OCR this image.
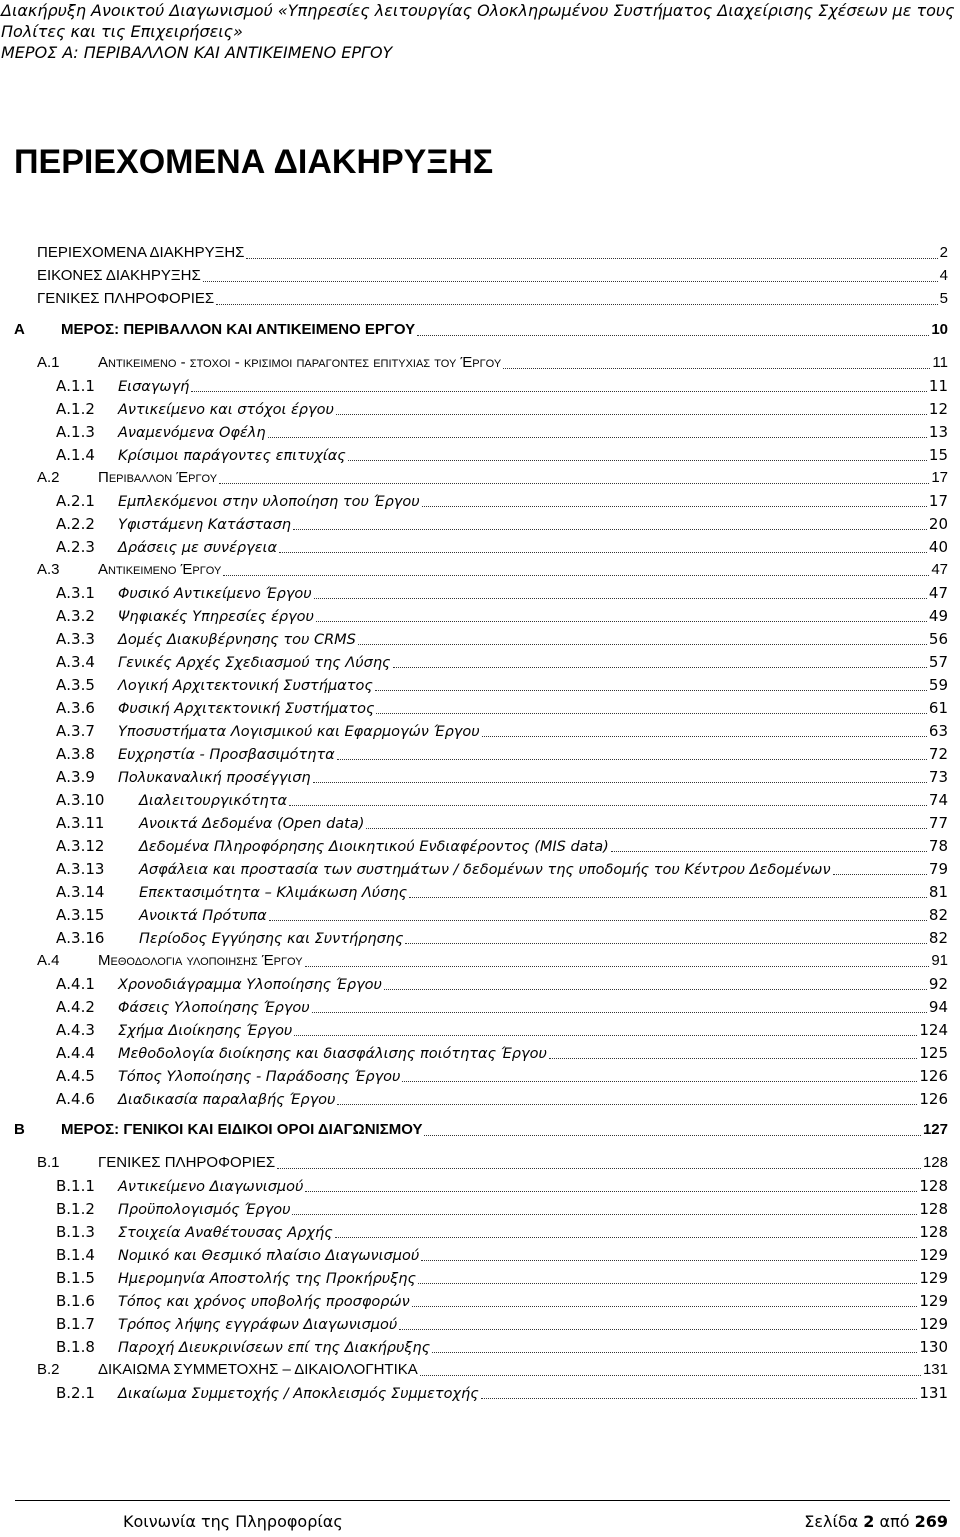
Διακήρυξη Ανοικτού Διαγωνισμού «Υπηρεσίες λειτουργίας Ολοκληρωμένου Συστήματος Διαχείρισης Σχέσεων με τους
Πολίτες και τις Επιχειρήσεις»
ΜΕΡΟΣ Α: ΠΕΡΙΒΑΛΛΟΝ ΚΑΙ ΑΝΤΙΚΕΙΜΕΝΟ ΕΡΓΟΥ
ΠΕΡΙΕΧΟΜΕΝΑ ΔΙΑΚΗΡΥΞΗΣ
ΠΕΡΙΕΧΟΜΕΝΑ ΔΙΑΚΗΡΥΞΗΣ	2
ΕΙΚΟΝΕΣ ΔΙΑΚΗΡΥΞΗΣ	4
ΓΕΝΙΚΕΣ ΠΛΗΡΟΦΟΡΙΕΣ	5
Α	ΜΕΡΟΣ: ΠΕΡΙΒΑΛΛΟΝ ΚΑΙ ΑΝΤΙΚΕΙΜΕΝΟ ΕΡΓΟΥ	10
Α.1	Αντικειμενο - στοχοι - κρισιμοι παραγοντες επιτυχιας του Έργου	11
Α.1.1	Εισαγωγή	11
Α.1.2	Αντικείμενο και στόχοι έργου	12
Α.1.3	Αναμενόμενα Οφέλη	13
Α.1.4	Κρίσιμοι παράγοντες επιτυχίας	15
Α.2	Περιβαλλον Έργου	17
Α.2.1	Εμπλεκόμενοι στην υλοποίηση του Έργου	17
Α.2.2	Υφιστάμενη Κατάσταση	20
Α.2.3	Δράσεις με συνέργεια	40
Α.3	Αντικειμενο Έργου	47
Α.3.1	Φυσικό Αντικείμενο Έργου	47
Α.3.2	Ψηφιακές Υπηρεσίες έργου	49
Α.3.3	Δομές Διακυβέρνησης του CRMS	56
Α.3.4	Γενικές Αρχές Σχεδιασμού της Λύσης	57
Α.3.5	Λογική Αρχιτεκτονική Συστήματος	59
Α.3.6	Φυσική Αρχιτεκτονική Συστήματος	61
Α.3.7	Υποσυστήματα Λογισμικού και Εφαρμογών Έργου	63
Α.3.8	Ευχρηστία - Προσβασιμότητα	72
Α.3.9	Πολυκαναλική προσέγγιση	73
Α.3.10	Διαλειτουργικότητα	74
Α.3.11	Ανοικτά Δεδομένα (Open data)	77
Α.3.12	Δεδομένα Πληροφόρησης Διοικητικού Ενδιαφέροντος (MIS data)	78
Α.3.13	Ασφάλεια και προστασία των συστημάτων / δεδομένων της υποδομής του Κέντρου Δεδομένων	79
Α.3.14	Επεκτασιμότητα – Κλιμάκωση Λύσης	81
Α.3.15	Ανοικτά Πρότυπα	82
Α.3.16	Περίοδος Εγγύησης και Συντήρησης	82
Α.4	Μεθοδολογια υλοποιησης Έργου	91
Α.4.1	Χρονοδιάγραμμα Υλοποίησης Έργου	92
Α.4.2	Φάσεις Υλοποίησης Έργου	94
Α.4.3	Σχήμα Διοίκησης Έργου	124
Α.4.4	Μεθοδολογία διοίκησης και διασφάλισης ποιότητας Έργου	125
Α.4.5	Τόπος Υλοποίησης - Παράδοσης Έργου	126
Α.4.6	Διαδικασία παραλαβής Έργου	126
Β	ΜΕΡΟΣ: ΓΕΝΙΚΟΙ ΚΑΙ ΕΙΔΙΚΟΙ ΟΡΟΙ ΔΙΑΓΩΝΙΣΜΟΥ	127
Β.1	ΓΕΝΙΚΕΣ ΠΛΗΡΟΦΟΡΙΕΣ	128
Β.1.1	Αντικείμενο Διαγωνισμού	128
Β.1.2	Προϋπολογισμός Έργου	128
Β.1.3	Στοιχεία Αναθέτουσας Αρχής	128
Β.1.4	Νομικό και Θεσμικό πλαίσιο Διαγωνισμού	129
Β.1.5	Ημερομηνία Αποστολής της Προκήρυξης	129
Β.1.6	Τόπος και χρόνος υποβολής προσφορών	129
Β.1.7	Τρόπος λήψης εγγράφων Διαγωνισμού	129
Β.1.8	Παροχή Διευκρινίσεων επί της Διακήρυξης	130
Β.2	ΔΙΚΑΙΩΜΑ ΣΥΜΜΕΤΟΧΗΣ – ΔΙΚΑΙΟΛΟΓΗΤΙΚΑ	131
Β.2.1	Δικαίωμα Συμμετοχής / Αποκλεισμός Συμμετοχής	131
Κοινωνία της Πληροφορίας	Σελίδα 2 από 269
